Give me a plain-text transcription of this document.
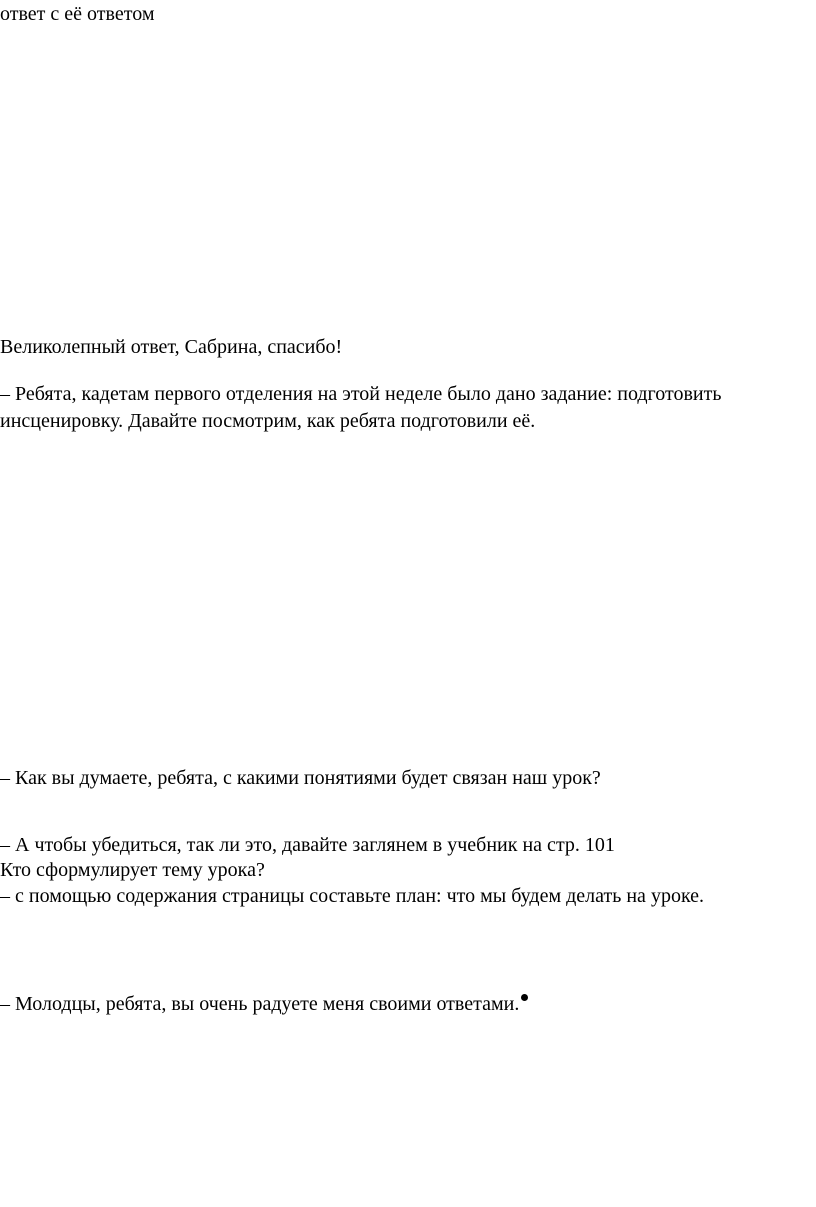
ответ с её ответом
Великолепный ответ, Сабрина, спасибо!
– Ребята, кадетам первого отделения на этой неделе было дано задание: подготовить
инсценировку. Давайте посмотрим, как ребята подготовили её.
– Как вы думаете, ребята, с какими понятиями будет связан наш урок?
– А чтобы убедиться, так ли это, давайте заглянем в учебник на стр. 101
Кто сформулирует тему урока?
– с помощью содержания страницы составьте план: что мы будем делать на уроке.
– Молодцы, ребята, вы очень радуете меня своими ответами.
